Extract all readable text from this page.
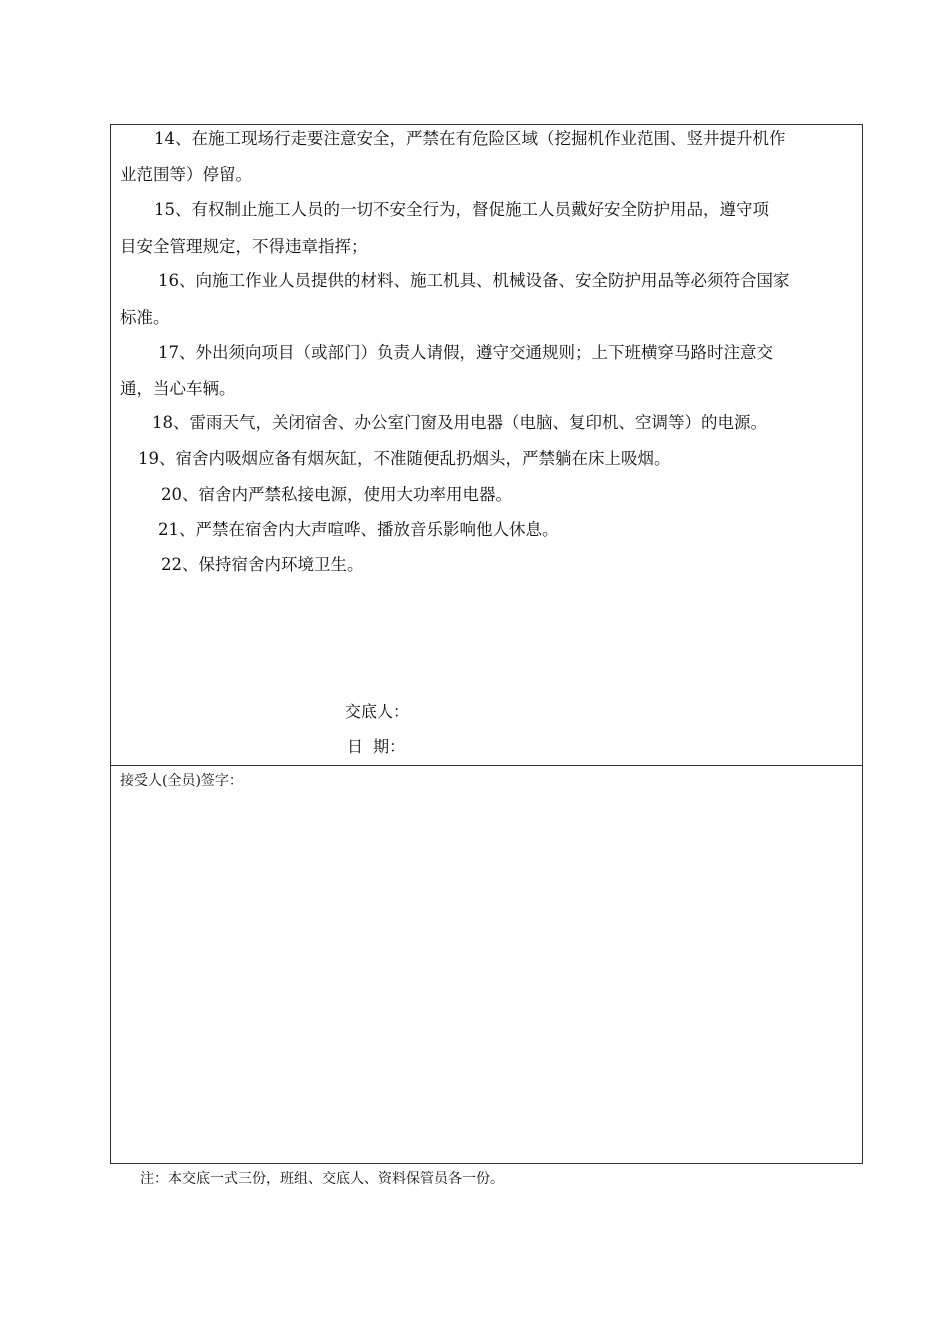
14、在施工现场行走要注意安全，严禁在有危险区域（挖掘机作业范围、竖井提升机作
业范围等）停留。
15、有权制止施工人员的一切不安全行为，督促施工人员戴好安全防护用品，遵守项
目安全管理规定，不得违章指挥；
16、向施工作业人员提供的材料、施工机具、机械设备、安全防护用品等必须符合国家
标准。
17、外出须向项目（或部门）负责人请假，遵守交通规则；上下班横穿马路时注意交
通，当心车辆。
18、雷雨天气，关闭宿舍、办公室门窗及用电器（电脑、复印机、空调等）的电源。
19、宿舍内吸烟应备有烟灰缸，不准随便乱扔烟头，严禁躺在床上吸烟。
20、宿舍内严禁私接电源，使用大功率用电器。
21、严禁在宿舍内大声喧哗、播放音乐影响他人休息。
22、保持宿舍内环境卫生。
交底人：
日  期：
接受人(全员)签字：
注：本交底一式三份，班组、交底人、资料保管员各一份。
